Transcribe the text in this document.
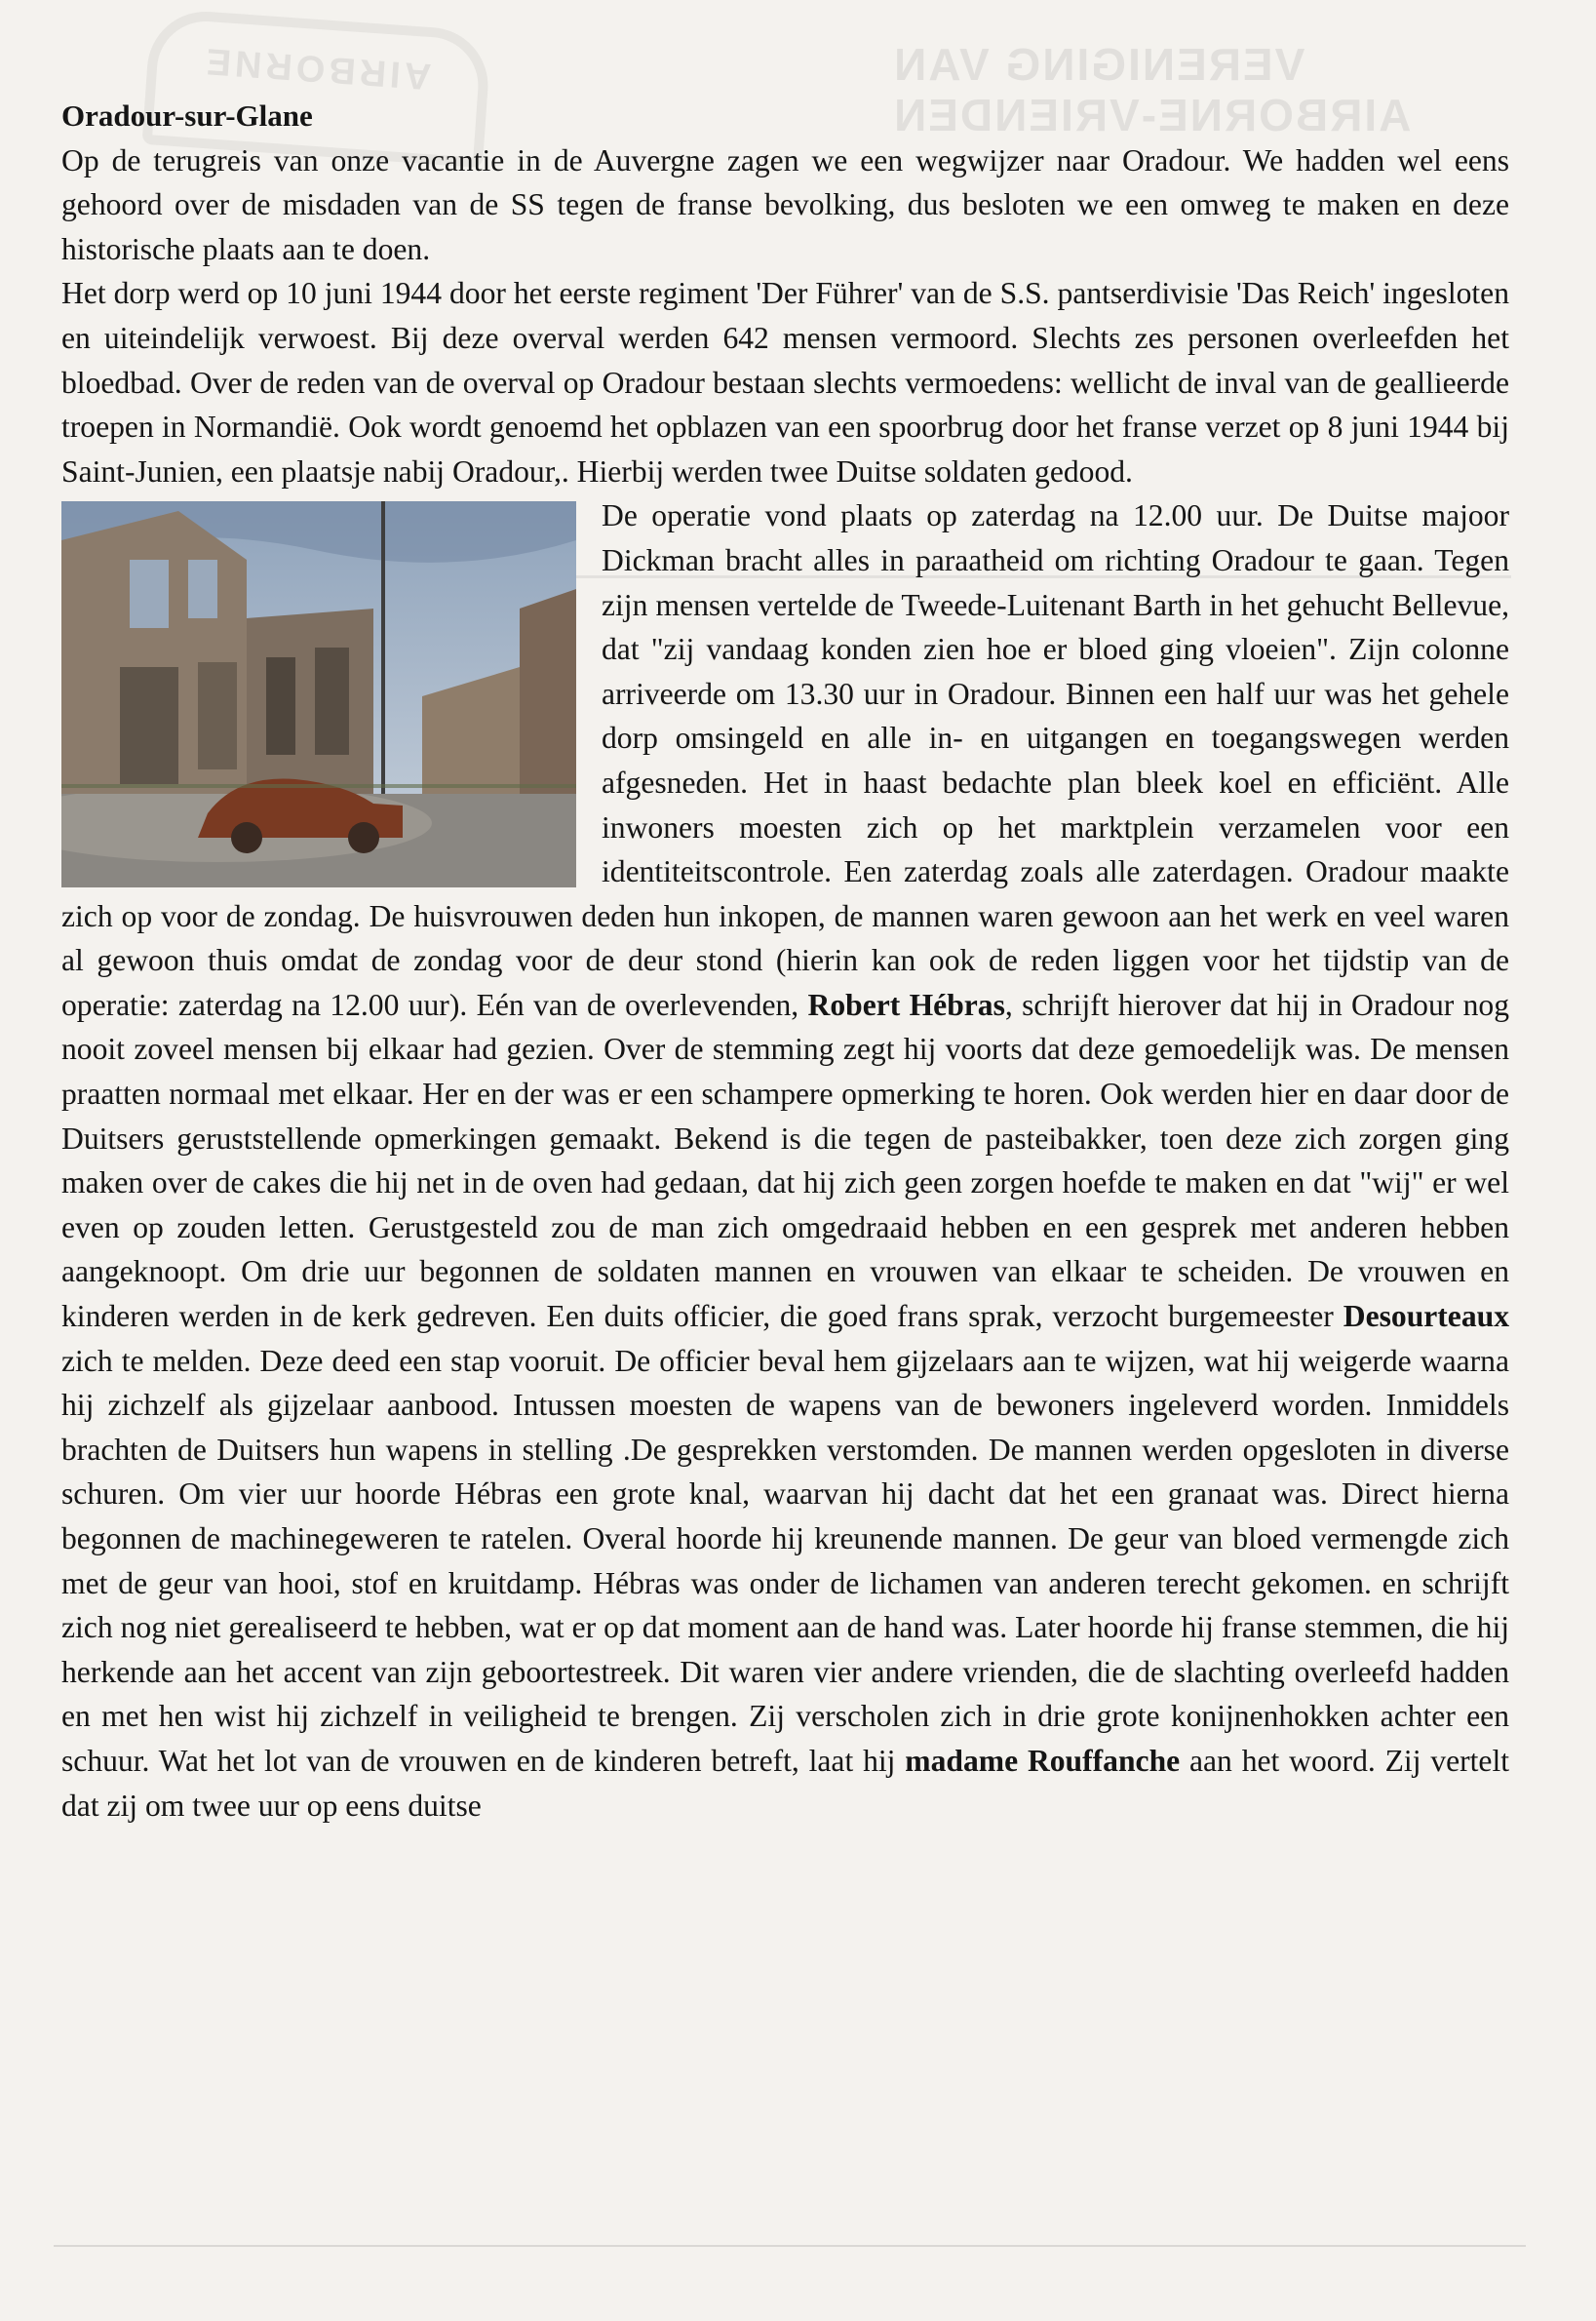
AIRBORNE	VERENIGING VAN
AIRBORNE-VRIENDEN
Oradour-sur-Glane

Op de terugreis van onze vacantie in de Auvergne zagen we een wegwijzer naar Oradour. We hadden wel eens gehoord over de misdaden van de SS tegen de franse bevolking, dus besloten we een omweg te maken en deze historische plaats aan te doen.

Het dorp werd op 10 juni 1944 door het eerste regiment 'Der Führer' van de S.S. pantserdivisie 'Das Reich' ingesloten en uiteindelijk verwoest. Bij deze overval werden 642 mensen vermoord. Slechts zes personen overleefden het bloedbad. Over de reden van de overval op Oradour bestaan slechts vermoedens: wellicht de inval van de geallieerde troepen in Normandië. Ook wordt genoemd het opblazen van een spoorbrug door het franse verzet op 8 juni 1944 bij Saint-Junien, een plaatsje nabij Oradour,. Hierbij werden twee Duitse soldaten gedood.

De operatie vond plaats op zaterdag na 12.00 uur. De Duitse majoor Dickman bracht alles in paraatheid om richting Oradour te gaan. Tegen zijn mensen vertelde de Tweede-Luitenant Barth in het gehucht Bellevue, dat "zij vandaag konden zien hoe er bloed ging vloeien". Zijn colonne arriveerde om 13.30 uur in Oradour. Binnen een half uur was het gehele dorp omsingeld en alle in- en uitgangen en toegangswegen werden afgesneden. Het in haast bedachte plan bleek koel en efficiënt. Alle inwoners moesten zich op het marktplein verzamelen voor een identiteitscontrole. Een zaterdag zoals alle zaterdagen. Oradour maakte zich op voor de zondag. De huisvrouwen deden hun inkopen, de mannen waren gewoon aan het werk en veel waren al gewoon thuis omdat de zondag voor de deur stond (hierin kan ook de reden liggen voor het tijdstip van de operatie: zaterdag na 12.00 uur). Eén van de overlevenden, Robert Hébras, schrijft hierover dat hij in Oradour nog nooit zoveel mensen bij elkaar had gezien. Over de stemming zegt hij voorts dat deze gemoedelijk was. De mensen praatten normaal met elkaar. Her en der was er een schampere opmerking te horen. Ook werden hier en daar door de Duitsers geruststellende opmerkingen gemaakt. Bekend is die tegen de pasteibakker, toen deze zich zorgen ging maken over de cakes die hij net in de oven had gedaan, dat hij zich geen zorgen hoefde te maken en dat "wij" er wel even op zouden letten. Gerustgesteld zou de man zich omgedraaid hebben en een gesprek met anderen hebben aangeknoopt. Om drie uur begonnen de soldaten mannen en vrouwen van elkaar te scheiden. De vrouwen en kinderen werden in de kerk gedreven. Een duits officier, die goed frans sprak, verzocht burgemeester Desourteaux zich te melden. Deze deed een stap vooruit. De officier beval hem gijzelaars aan te wijzen, wat hij weigerde waarna hij zichzelf als gijzelaar aanbood. Intussen moesten de wapens van de bewoners ingeleverd worden. Inmiddels brachten de Duitsers hun wapens in stelling .De gesprekken verstomden. De mannen werden opgesloten in diverse schuren. Om vier uur hoorde Hébras een grote knal, waarvan hij dacht dat het een granaat was. Direct hierna begonnen de machinegeweren te ratelen. Overal hoorde hij kreunende mannen. De geur van bloed vermengde zich met de geur van hooi, stof en kruitdamp. Hébras was onder de lichamen van anderen terecht gekomen. en schrijft zich nog niet gerealiseerd te hebben, wat er op dat moment aan de hand was. Later hoorde hij franse stemmen, die hij herkende aan het accent van zijn geboortestreek. Dit waren vier andere vrienden, die de slachting overleefd hadden en met hen wist hij zichzelf in veiligheid te brengen. Zij verscholen zich in drie grote konijnenhokken achter een schuur. Wat het lot van de vrouwen en de kinderen betreft, laat hij madame Rouffanche aan het woord. Zij vertelt dat zij om twee uur op eens duitse
